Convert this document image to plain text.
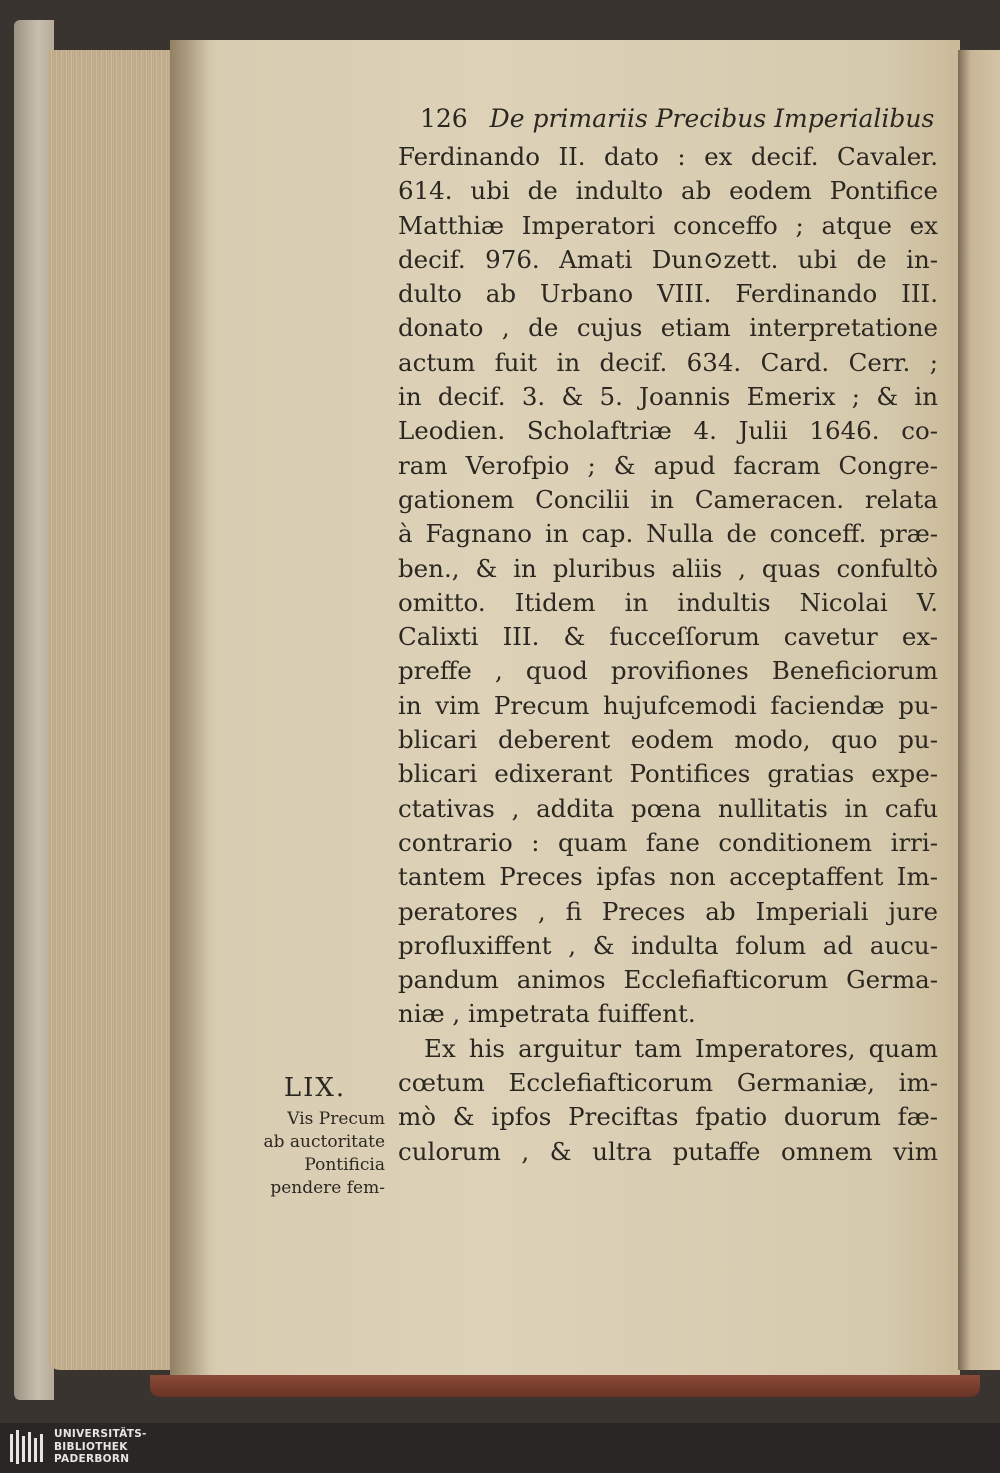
126 De primariis Precibus Imperialibus
Ferdinando II. dato : ex decif. Cavaler.
614. ubi de indulto ab eodem Pontifice
Matthiæ Imperatori conceffo ; atque ex
decif. 976. Amati Dun⊙zett. ubi de in-
dulto ab Urbano VIII. Ferdinando III.
donato , de cujus etiam interpretatione
actum fuit in decif. 634. Card. Cerr. ;
in decif. 3. & 5. Joannis Emerix ; & in
Leodien. Scholaftriæ 4. Julii 1646. co-
ram Verofpio ; & apud facram Congre-
gationem Concilii in Cameracen. relata
à Fagnano in cap. Nulla de conceff. præ-
ben., & in pluribus aliis , quas confultò
omitto. Itidem in indultis Nicolai V.
Calixti III. & fucceſſorum cavetur ex-
preffe , quod provifiones Beneficiorum
in vim Precum hujufcemodi faciendæ pu-
blicari deberent eodem modo, quo pu-
blicari edixerant Pontifices gratias expe-
ctativas , addita pœna nullitatis in cafu
contrario : quam fane conditionem irri-
tantem Preces ipfas non acceptaffent Im-
peratores , fi Preces ab Imperiali jure
profluxiffent , & indulta folum ad aucu-
pandum animos Ecclefiafticorum Germa-
niæ , impetrata fuiffent.
Ex his arguitur tam Imperatores, quam
cœtum Ecclefiafticorum Germaniæ, im-
mò & ipfos Preciftas fpatio duorum fæ-
culorum , & ultra putaffe omnem vim
LIX.
Vis Precum
ab auctoritate
Pontificia
pendere fem-
UNIVERSITÄTS-
BIBLIOTHEK
PADERBORN
